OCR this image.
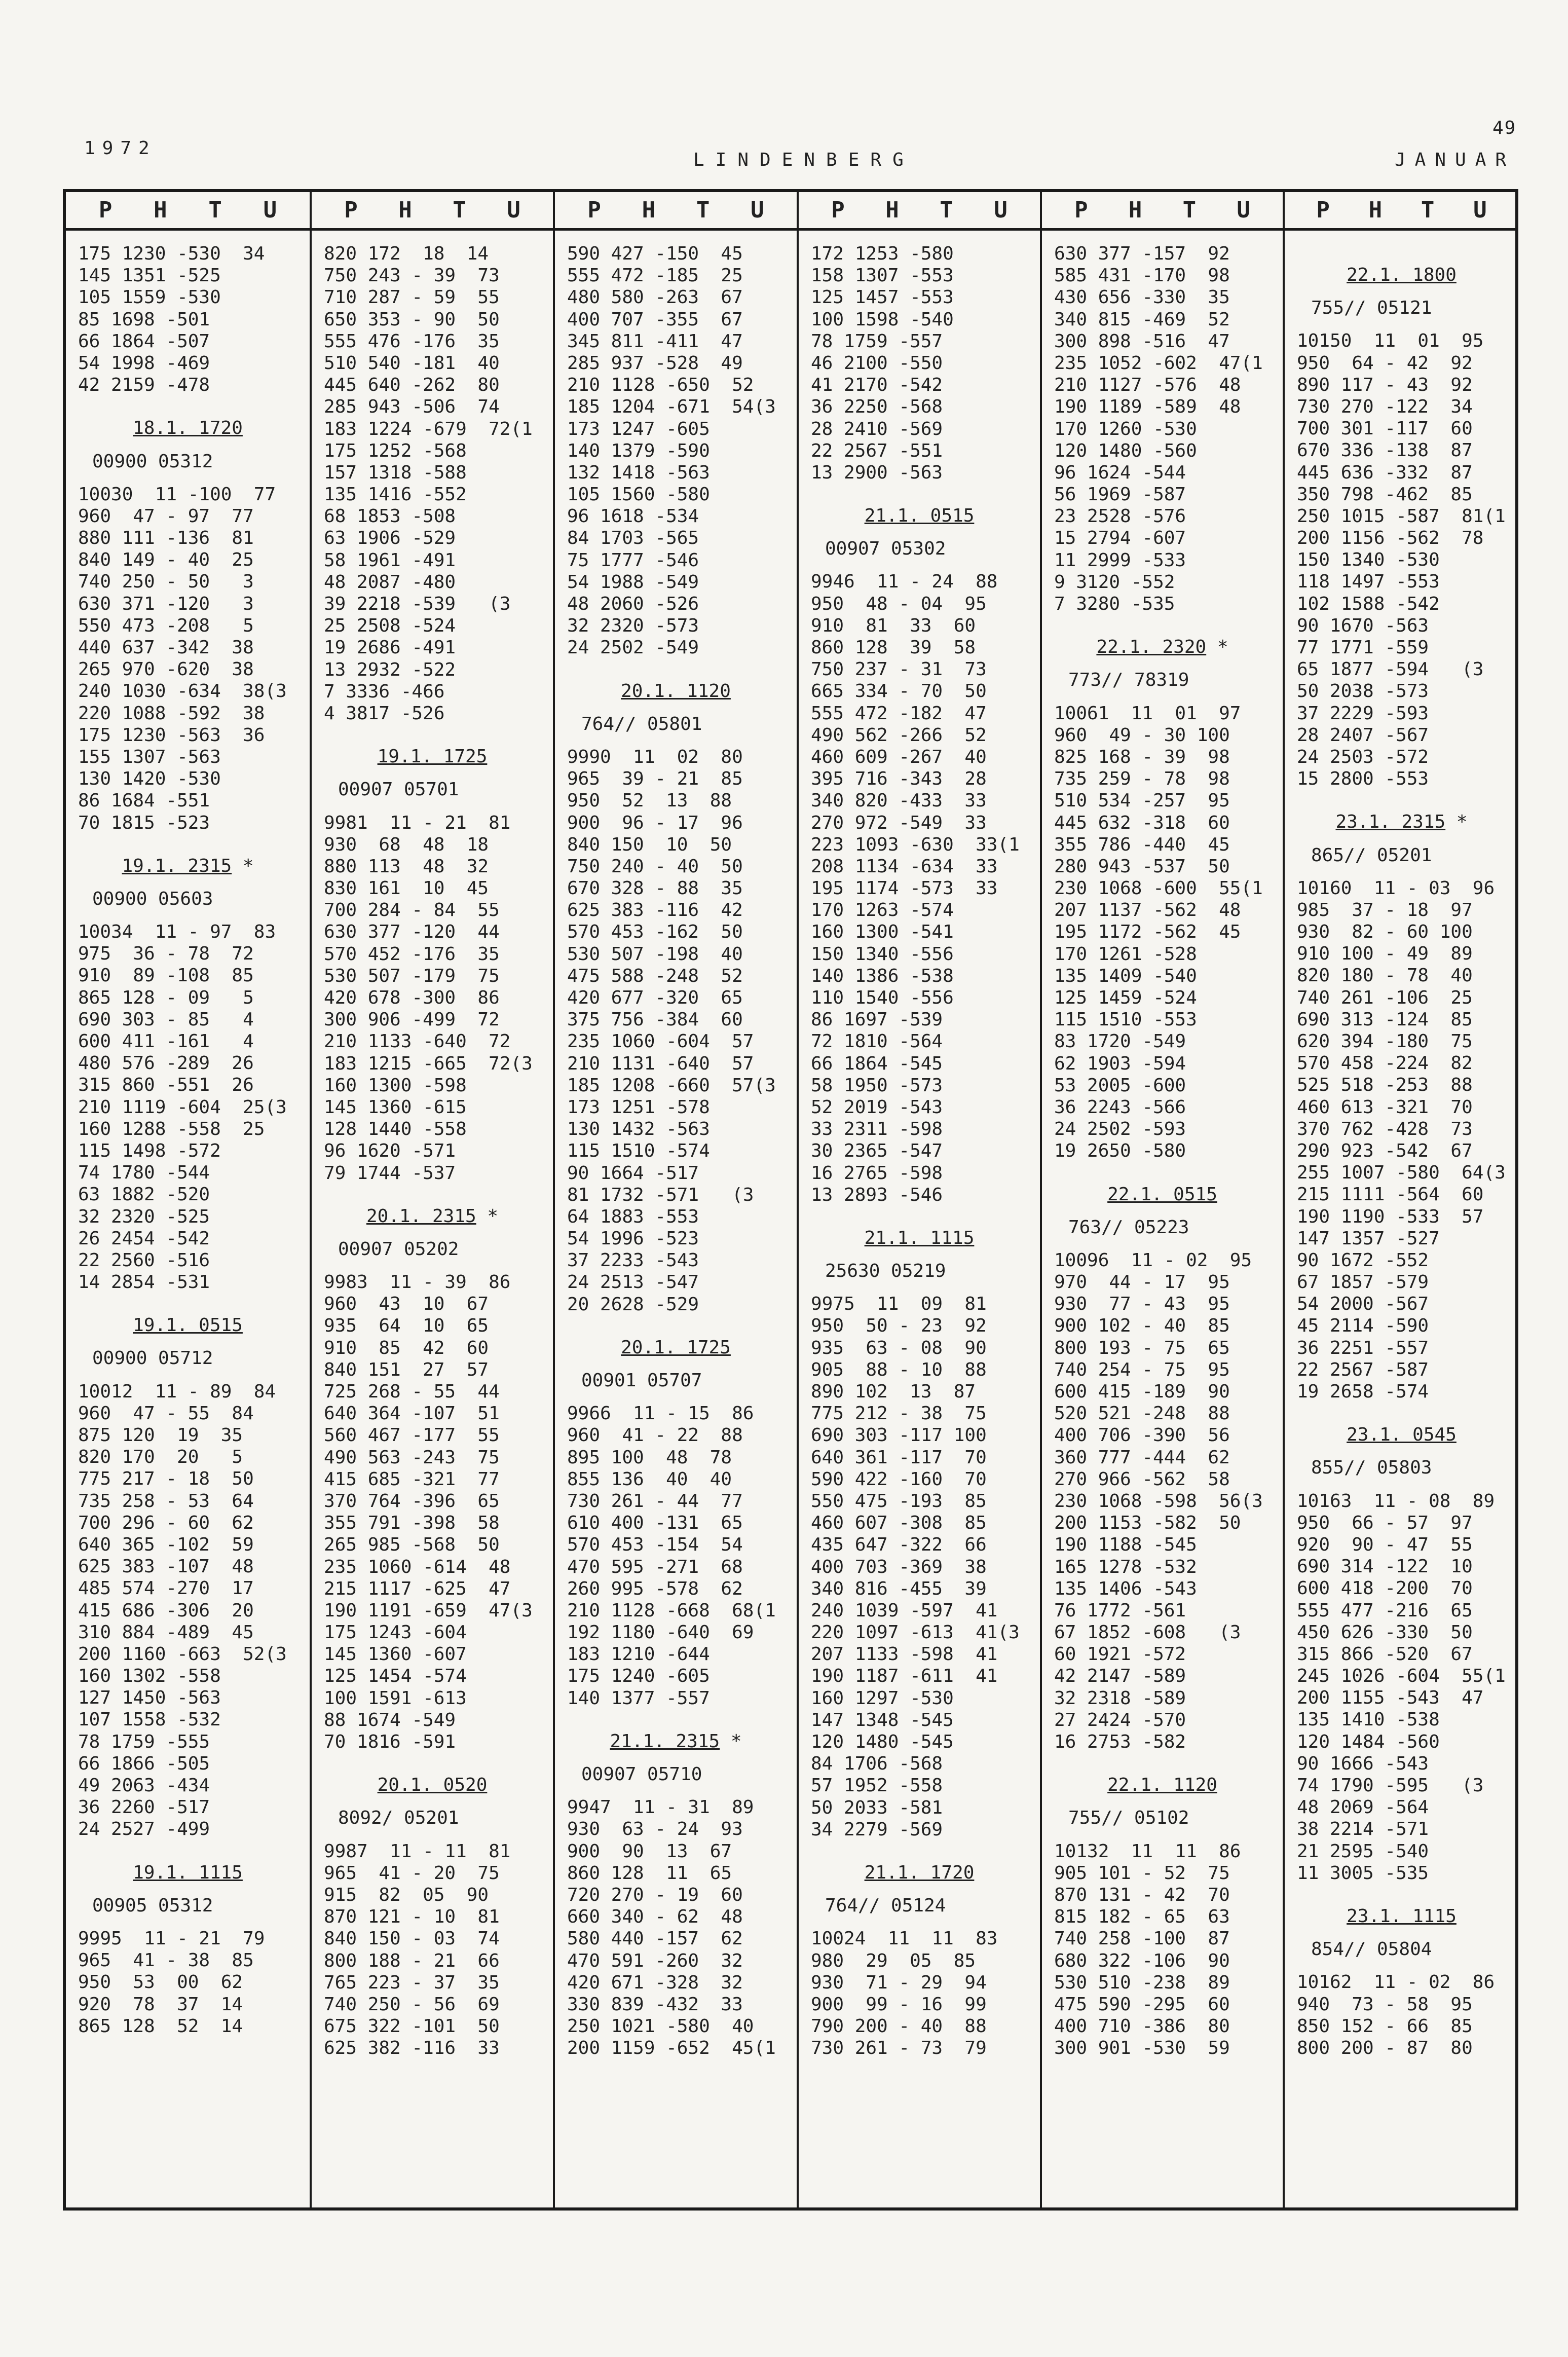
1972
LINDENBERG	JANUAR
49
P H T U
175 1230 -530  34
145 1351 -525
105 1559 -530
85 1698 -501
66 1864 -507
54 1998 -469
42 2159 -478
18.1. 1720
00900 05312
10030  11 -100  77
960  47 - 97  77
880 111 -136  81
840 149 - 40  25
740 250 - 50   3
630 371 -120   3
550 473 -208   5
440 637 -342  38
265 970 -620  38
240 1030 -634  38(3
220 1088 -592  38
175 1230 -563  36
155 1307 -563
130 1420 -530
86 1684 -551
70 1815 -523
19.1. 2315 *
00900 05603
10034  11 - 97  83
975  36 - 78  72
910  89 -108  85
865 128 - 09   5
690 303 - 85   4
600 411 -161   4
480 576 -289  26
315 860 -551  26
210 1119 -604  25(3
160 1288 -558  25
115 1498 -572
74 1780 -544
63 1882 -520
32 2320 -525
26 2454 -542
22 2560 -516
14 2854 -531
19.1. 0515
00900 05712
10012  11 - 89  84
960  47 - 55  84
875 120  19  35
820 170  20   5
775 217 - 18  50
735 258 - 53  64
700 296 - 60  62
640 365 -102  59
625 383 -107  48
485 574 -270  17
415 686 -306  20
310 884 -489  45
200 1160 -663  52(3
160 1302 -558
127 1450 -563
107 1558 -532
78 1759 -555
66 1866 -505
49 2063 -434
36 2260 -517
24 2527 -499
19.1. 1115
00905 05312
9995  11 - 21  79
965  41 - 38  85
950  53  00  62
920  78  37  14
865 128  52  14
P H T U
820 172  18  14
750 243 - 39  73
710 287 - 59  55
650 353 - 90  50
555 476 -176  35
510 540 -181  40
445 640 -262  80
285 943 -506  74
183 1224 -679  72(1
175 1252 -568
157 1318 -588
135 1416 -552
68 1853 -508
63 1906 -529
58 1961 -491
48 2087 -480
39 2218 -539   (3
25 2508 -524
19 2686 -491
13 2932 -522
7 3336 -466
4 3817 -526
19.1. 1725
00907 05701
9981  11 - 21  81
930  68  48  18
880 113  48  32
830 161  10  45
700 284 - 84  55
630 377 -120  44
570 452 -176  35
530 507 -179  75
420 678 -300  86
300 906 -499  72
210 1133 -640  72
183 1215 -665  72(3
160 1300 -598
145 1360 -615
128 1440 -558
96 1620 -571
79 1744 -537
20.1. 2315 *
00907 05202
9983  11 - 39  86
960  43  10  67
935  64  10  65
910  85  42  60
840 151  27  57
725 268 - 55  44
640 364 -107  51
560 467 -177  55
490 563 -243  75
415 685 -321  77
370 764 -396  65
355 791 -398  58
265 985 -568  50
235 1060 -614  48
215 1117 -625  47
190 1191 -659  47(3
175 1243 -604
145 1360 -607
125 1454 -574
100 1591 -613
88 1674 -549
70 1816 -591
20.1. 0520
8092/ 05201
9987  11 - 11  81
965  41 - 20  75
915  82  05  90
870 121 - 10  81
840 150 - 03  74
800 188 - 21  66
765 223 - 37  35
740 250 - 56  69
675 322 -101  50
625 382 -116  33
P H T U
590 427 -150  45
555 472 -185  25
480 580 -263  67
400 707 -355  67
345 811 -411  47
285 937 -528  49
210 1128 -650  52
185 1204 -671  54(3
173 1247 -605
140 1379 -590
132 1418 -563
105 1560 -580
96 1618 -534
84 1703 -565
75 1777 -546
54 1988 -549
48 2060 -526
32 2320 -573
24 2502 -549
20.1. 1120
764// 05801
9990  11  02  80
965  39 - 21  85
950  52  13  88
900  96 - 17  96
840 150  10  50
750 240 - 40  50
670 328 - 88  35
625 383 -116  42
570 453 -162  50
530 507 -198  40
475 588 -248  52
420 677 -320  65
375 756 -384  60
235 1060 -604  57
210 1131 -640  57
185 1208 -660  57(3
173 1251 -578
130 1432 -563
115 1510 -574
90 1664 -517
81 1732 -571   (3
64 1883 -553
54 1996 -523
37 2233 -543
24 2513 -547
20 2628 -529
20.1. 1725
00901 05707
9966  11 - 15  86
960  41 - 22  88
895 100  48  78
855 136  40  40
730 261 - 44  77
610 400 -131  65
570 453 -154  54
470 595 -271  68
260 995 -578  62
210 1128 -668  68(1
192 1180 -640  69
183 1210 -644
175 1240 -605
140 1377 -557
21.1. 2315 *
00907 05710
9947  11 - 31  89
930  63 - 24  93
900  90  13  67
860 128  11  65
720 270 - 19  60
660 340 - 62  48
580 440 -157  62
470 591 -260  32
420 671 -328  32
330 839 -432  33
250 1021 -580  40
200 1159 -652  45(1
P H T U
172 1253 -580
158 1307 -553
125 1457 -553
100 1598 -540
78 1759 -557
46 2100 -550
41 2170 -542
36 2250 -568
28 2410 -569
22 2567 -551
13 2900 -563
21.1. 0515
00907 05302
9946  11 - 24  88
950  48 - 04  95
910  81  33  60
860 128  39  58
750 237 - 31  73
665 334 - 70  50
555 472 -182  47
490 562 -266  52
460 609 -267  40
395 716 -343  28
340 820 -433  33
270 972 -549  33
223 1093 -630  33(1
208 1134 -634  33
195 1174 -573  33
170 1263 -574
160 1300 -541
150 1340 -556
140 1386 -538
110 1540 -556
86 1697 -539
72 1810 -564
66 1864 -545
58 1950 -573
52 2019 -543
33 2311 -598
30 2365 -547
16 2765 -598
13 2893 -546
21.1. 1115
25630 05219
9975  11  09  81
950  50 - 23  92
935  63 - 08  90
905  88 - 10  88
890 102  13  87
775 212 - 38  75
690 303 -117 100
640 361 -117  70
590 422 -160  70
550 475 -193  85
460 607 -308  85
435 647 -322  66
400 703 -369  38
340 816 -455  39
240 1039 -597  41
220 1097 -613  41(3
207 1133 -598  41
190 1187 -611  41
160 1297 -530
147 1348 -545
120 1480 -545
84 1706 -568
57 1952 -558
50 2033 -581
34 2279 -569
21.1. 1720
764// 05124
10024  11  11  83
980  29  05  85
930  71 - 29  94
900  99 - 16  99
790 200 - 40  88
730 261 - 73  79
P H T U
630 377 -157  92
585 431 -170  98
430 656 -330  35
340 815 -469  52
300 898 -516  47
235 1052 -602  47(1
210 1127 -576  48
190 1189 -589  48
170 1260 -530
120 1480 -560
96 1624 -544
56 1969 -587
23 2528 -576
15 2794 -607
11 2999 -533
9 3120 -552
7 3280 -535
22.1. 2320 *
773// 78319
10061  11  01  97
960  49 - 30 100
825 168 - 39  98
735 259 - 78  98
510 534 -257  95
445 632 -318  60
355 786 -440  45
280 943 -537  50
230 1068 -600  55(1
207 1137 -562  48
195 1172 -562  45
170 1261 -528
135 1409 -540
125 1459 -524
115 1510 -553
83 1720 -549
62 1903 -594
53 2005 -600
36 2243 -566
24 2502 -593
19 2650 -580
22.1. 0515
763// 05223
10096  11 - 02  95
970  44 - 17  95
930  77 - 43  95
900 102 - 40  85
800 193 - 75  65
740 254 - 75  95
600 415 -189  90
520 521 -248  88
400 706 -390  56
360 777 -444  62
270 966 -562  58
230 1068 -598  56(3
200 1153 -582  50
190 1188 -545
165 1278 -532
135 1406 -543
76 1772 -561
67 1852 -608   (3
60 1921 -572
42 2147 -589
32 2318 -589
27 2424 -570
16 2753 -582
22.1. 1120
755// 05102
10132  11  11  86
905 101 - 52  75
870 131 - 42  70
815 182 - 65  63
740 258 -100  87
680 322 -106  90
530 510 -238  89
475 590 -295  60
400 710 -386  80
300 901 -530  59
P H T U
22.1. 1800
755// 05121
10150  11  01  95
950  64 - 42  92
890 117 - 43  92
730 270 -122  34
700 301 -117  60
670 336 -138  87
445 636 -332  87
350 798 -462  85
250 1015 -587  81(1
200 1156 -562  78
150 1340 -530
118 1497 -553
102 1588 -542
90 1670 -563
77 1771 -559
65 1877 -594   (3
50 2038 -573
37 2229 -593
28 2407 -567
24 2503 -572
15 2800 -553
23.1. 2315 *
865// 05201
10160  11 - 03  96
985  37 - 18  97
930  82 - 60 100
910 100 - 49  89
820 180 - 78  40
740 261 -106  25
690 313 -124  85
620 394 -180  75
570 458 -224  82
525 518 -253  88
460 613 -321  70
370 762 -428  73
290 923 -542  67
255 1007 -580  64(3
215 1111 -564  60
190 1190 -533  57
147 1357 -527
90 1672 -552
67 1857 -579
54 2000 -567
45 2114 -590
36 2251 -557
22 2567 -587
19 2658 -574
23.1. 0545
855// 05803
10163  11 - 08  89
950  66 - 57  97
920  90 - 47  55
690 314 -122  10
600 418 -200  70
555 477 -216  65
450 626 -330  50
315 866 -520  67
245 1026 -604  55(1
200 1155 -543  47
135 1410 -538
120 1484 -560
90 1666 -543
74 1790 -595   (3
48 2069 -564
38 2214 -571
21 2595 -540
11 3005 -535
23.1. 1115
854// 05804
10162  11 - 02  86
940  73 - 58  95
850 152 - 66  85
800 200 - 87  80
